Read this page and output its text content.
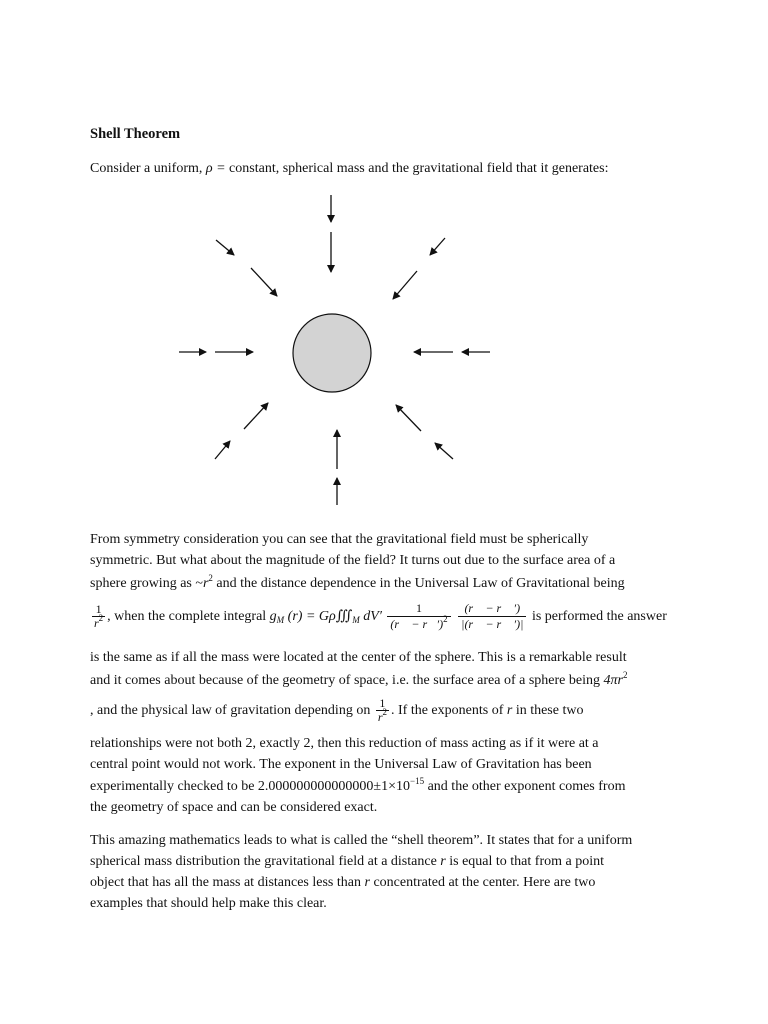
Shell Theorem
Consider a uniform, ρ = constant, spherical mass and the gravitational field that it generates:
From symmetry consideration you can see that the gravitational field must be spherically
symmetric. But what about the magnitude of the field? It turns out due to the surface area of a
sphere growing as $\sim r^2$ and the distance dependence in the Universal Law of Gravitational being
$\frac{1}{r^2}$ , when the complete integral $g_M$ $(r) = G\rho∭_M$ $dV' \frac{1}{(r⃗ - r⃗')^2}$
$\frac{(r⃗ - r⃗ ')}{|(r⃗ - r⃗ ')|}$ is performed the answer
is the same as if all the mass were located at the center of the sphere. This is a remarkable result
and it comes about because of the geometry of space, i.e. the surface area of a sphere being $4\pi r^2$
, and the physical law of gravitation depending on $\frac{1}{r^2}$ . If the exponents of r in these two
relationships were not both 2, exactly 2, then this reduction of mass acting as if it were at a
central point would not work. The exponent in the Universal Law of Gravitation has been
experimentally checked to be $2.000000000000000\pm 1\times 10^{-15}$ and the other exponent comes from
the geometry of space and can be considered exact.
This amazing mathematics leads to what is called the “shell theorem”. It states that for a uniform
spherical mass distribution the gravitational field at a distance r is equal to that from a point
object that has all the mass at distances less than r concentrated at the center. Here are two
examples that should help make this clear.
